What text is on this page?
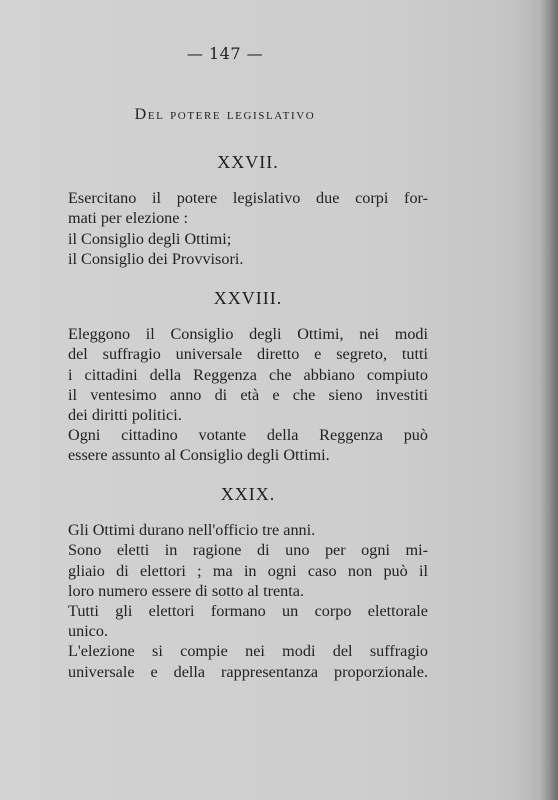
— 147 —
Del potere legislativo
XXVII.
Esercitano il potere legislativo due corpi for-
mati per elezione :
il Consiglio degli Ottimi;
il Consiglio dei Provvisori.
XXVIII.
Eleggono il Consiglio degli Ottimi, nei modi
del suffragio universale diretto e segreto, tutti
i cittadini della Reggenza che abbiano compiuto
il ventesimo anno di età e che sieno investiti
dei diritti politici.
Ogni cittadino votante della Reggenza può
essere assunto al Consiglio degli Ottimi.
XXIX.
Gli Ottimi durano nell'officio tre anni.
Sono eletti in ragione di uno per ogni mi-
gliaio di elettori ; ma in ogni caso non può il
loro numero essere di sotto al trenta.
Tutti gli elettori formano un corpo elettorale
unico.
L'elezione si compie nei modi del suffragio
universale e della rappresentanza proporzionale.
